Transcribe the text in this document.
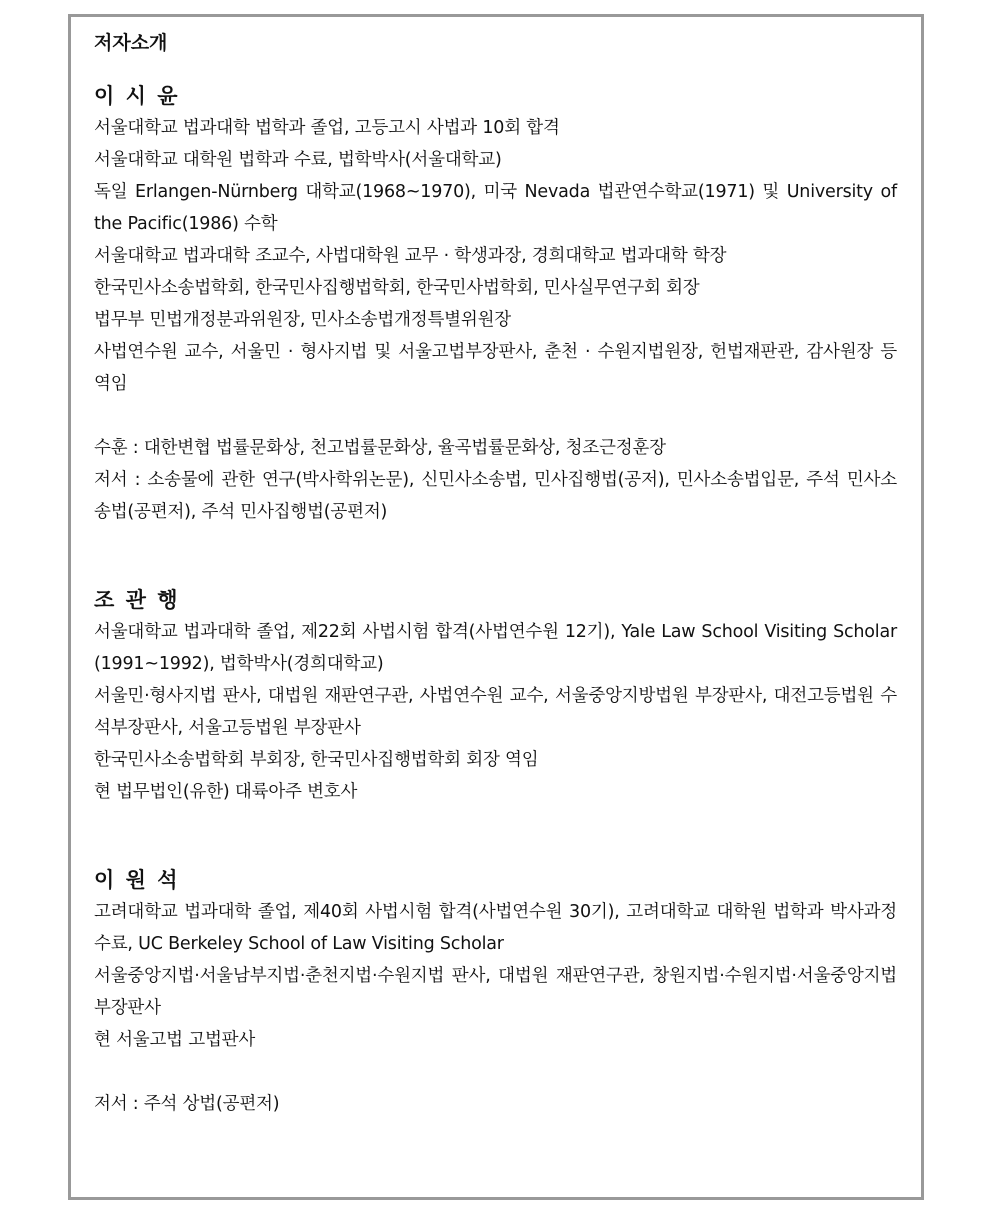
저자소개

이 시 윤

서울대학교 법과대학 법학과 졸업, 고등고시 사법과 10회 합격

서울대학교 대학원 법학과 수료, 법학박사(서울대학교)

독일 Erlangen-Nürnberg 대학교(1968~1970), 미국 Nevada 법관연수학교(1971) 및 University of the Pacific(1986) 수학

서울대학교 법과대학 조교수, 사법대학원 교무 · 학생과장, 경희대학교 법과대학 학장

한국민사소송법학회, 한국민사집행법학회, 한국민사법학회, 민사실무연구회 회장

법무부 민법개정분과위원장, 민사소송법개정특별위원장

사법연수원 교수, 서울민 · 형사지법 및 서울고법부장판사, 춘천 · 수원지법원장, 헌법재판관, 감사원장 등 역임

수훈 : 대한변협 법률문화상, 천고법률문화상, 율곡법률문화상, 청조근정훈장

저서 : 소송물에 관한 연구(박사학위논문), 신민사소송법, 민사집행법(공저), 민사소송법입문, 주석 민사소송법(공편저), 주석 민사집행법(공편저)

조 관 행

서울대학교 법과대학 졸업, 제22회 사법시험 합격(사법연수원 12기), Yale Law School Visiting Scholar (1991~1992), 법학박사(경희대학교)

서울민·형사지법 판사, 대법원 재판연구관, 사법연수원 교수, 서울중앙지방법원 부장판사, 대전고등법원 수석부장판사, 서울고등법원 부장판사

한국민사소송법학회 부회장, 한국민사집행법학회 회장 역임

현 법무법인(유한) 대륙아주 변호사

이 원 석

고려대학교 법과대학 졸업, 제40회 사법시험 합격(사법연수원 30기), 고려대학교 대학원 법학과 박사과정 수료, UC Berkeley School of Law Visiting Scholar

서울중앙지법·서울남부지법·춘천지법·수원지법 판사, 대법원 재판연구관, 창원지법·수원지법·서울중앙지법 부장판사

현 서울고법 고법판사

저서 : 주석 상법(공편저)
